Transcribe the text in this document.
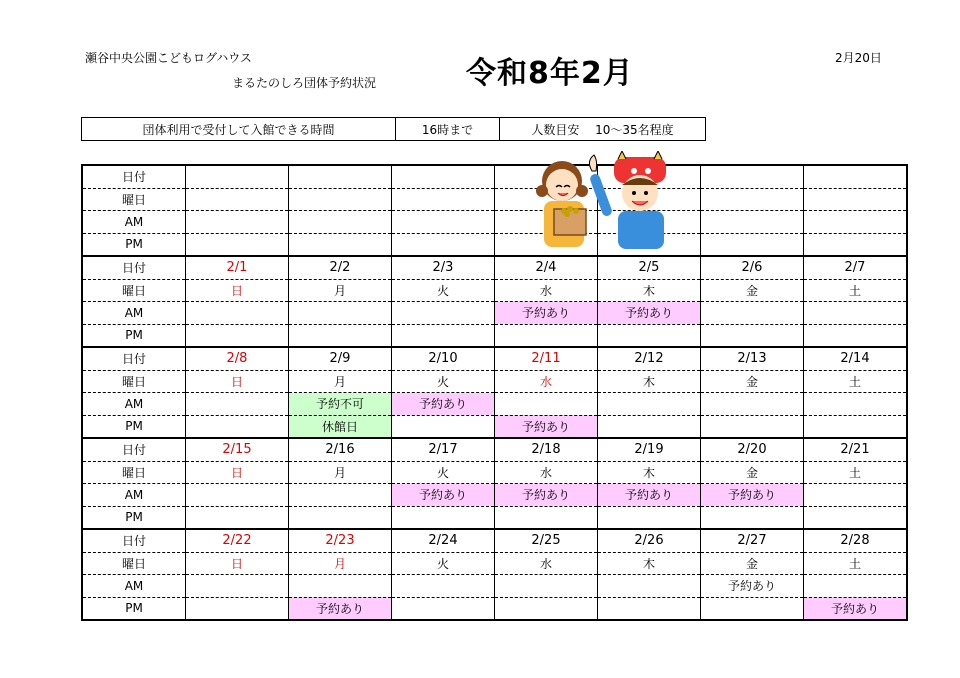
瀬谷中央公園こどもログハウス
まるたのしろ団体予約状況	令和8年2月	2月20日
団体利用で受付して入館できる時間	16時まで	人数目安　 10～35名程度
日付							
曜日							
AM							
PM							
日付	2/1	2/2	2/3	2/4	2/5	2/6	2/7
曜日	日	月	火	水	木	金	土
AM				予約あり	予約あり		
PM							
日付	2/8	2/9	2/10	2/11	2/12	2/13	2/14
曜日	日	月	火	水	木	金	土
AM		予約不可	予約あり				
PM		休館日		予約あり			
日付	2/15	2/16	2/17	2/18	2/19	2/20	2/21
曜日	日	月	火	水	木	金	土
AM			予約あり	予約あり	予約あり	予約あり	
PM							
日付	2/22	2/23	2/24	2/25	2/26	2/27	2/28
曜日	日	月	火	水	木	金	土
AM						予約あり	
PM		予約あり					予約あり
